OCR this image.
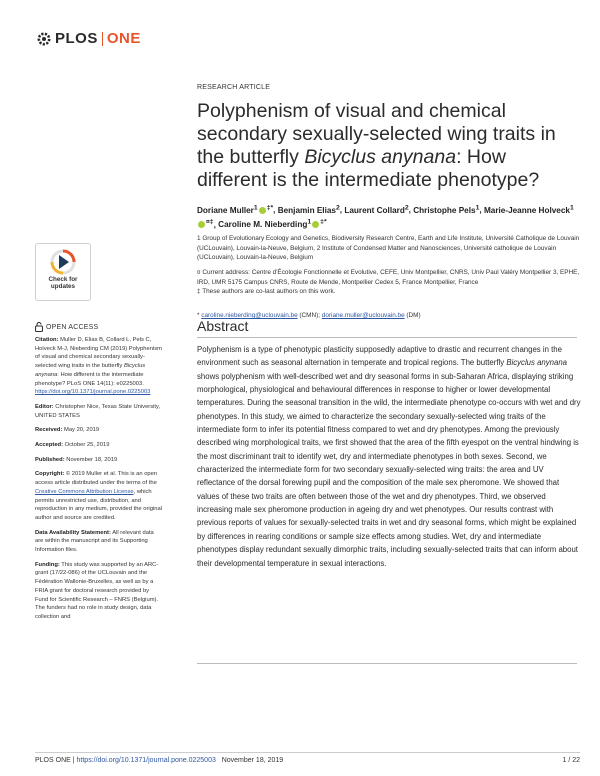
PLOS ONE
RESEARCH ARTICLE
Polyphenism of visual and chemical secondary sexually-selected wing traits in the butterfly Bicyclus anynana: How different is the intermediate phenotype?
Doriane Muller$^1$ ‡*, Benjamin Elias$^2$, Laurent Collard$^2$, Christophe Pels$^1$, Marie-Jeanne Holveck$^{1¤\ddagger}$, Caroline M. Nieberding$^1$ ‡*
1 Group of Evolutionary Ecology and Genetics, Biodiversity Research Centre, Earth and Life Institute, Université Catholique de Louvain (UCLouvain), Louvain-la-Neuve, Belgium, 2 Institute of Condensed Matter and Nanosciences, Université catholique de Louvain (UCLouvain), Louvain-la-Neuve, Belgium
¤ Current address: Centre d'Écologie Fonctionnelle et Evolutive, CEFE, Univ Montpellier, CNRS, Univ Paul Valéry Montpellier 3, EPHE, IRD, UMR 5175 Campus CNRS, Route de Mende, Montpellier Cedex 5, France Montpellier, France
‡ These authors are co-last authors on this work.
* caroline.nieberding@uclouvain.be (CMN); doriane.muller@uclouvain.be (DM)
Abstract

Polyphenism is a type of phenotypic plasticity supposedly adaptive to drastic and recurrent changes in the environment such as seasonal alternation in temperate and tropical regions. The butterfly Bicyclus anynana shows polyphenism with well-described wet and dry seasonal forms in sub-Saharan Africa, displaying striking morphological, physiological and behavioural differences in response to higher or lower developmental temperatures. During the seasonal transition in the wild, the intermediate phenotype co-occurs with wet and dry phenotypes. In this study, we aimed to characterize the secondary sexually-selected wing traits of the intermediate form to infer its potential fitness compared to wet and dry phenotypes. Among the previously described wing morphological traits, we first showed that the area of the fifth eyespot on the ventral hindwing is the most discriminant trait to identify wet, dry and intermediate phenotypes in both sexes. Second, we characterized the intermediate form for two secondary sexually-selected wing traits: the area and UV reflectance of the dorsal forewing pupil and the composition of the male sex pheromone. We showed that values of these two traits are often between those of the wet and dry phenotypes. Third, we observed increasing male sex pheromone production in ageing dry and wet phenotypes. Our results contrast with previous reports of values for sexually-selected traits in wet and dry seasonal forms, which might be explained by differences in rearing conditions or sample size effects among studies. Wet, dry and intermediate phenotypes display redundant sexually dimorphic traits, including sexually-selected traits that can inform about their developmental temperature in sexual interactions.

Check for
updates
OPEN ACCESS
Citation: Muller D, Elias B, Collard L, Pels C, Holveck M-J, Nieberding CM (2019) Polyphenism of visual and chemical secondary sexually-selected wing traits in the butterfly Bicyclus anynana: How different is the intermediate phenotype? PLoS ONE 14(11): e0225003. https://doi.org/10.1371/journal.pone.0225003
Editor: Christopher Nice, Texas State University, UNITED STATES
Received: May 20, 2019
Accepted: October 25, 2019
Published: November 18, 2019
Copyright: © 2019 Muller et al. This is an open access article distributed under the terms of the Creative Commons Attribution License, which permits unrestricted use, distribution, and reproduction in any medium, provided the original author and source are credited.
Data Availability Statement: All relevant data are within the manuscript and its Supporting Information files.
Funding: This study was supported by an ARC-grant (17/22-086) of the UCLouvain and the Fédération Wallonie-Bruxelles, as well as by a FRIA grant for doctoral research provided by Fund for Scientific Research – FNRS (Belgium). The funders had no role in study design, data collection and
PLOS ONE | https://doi.org/10.1371/journal.pone.0225003   November 18, 2019	1 / 22
